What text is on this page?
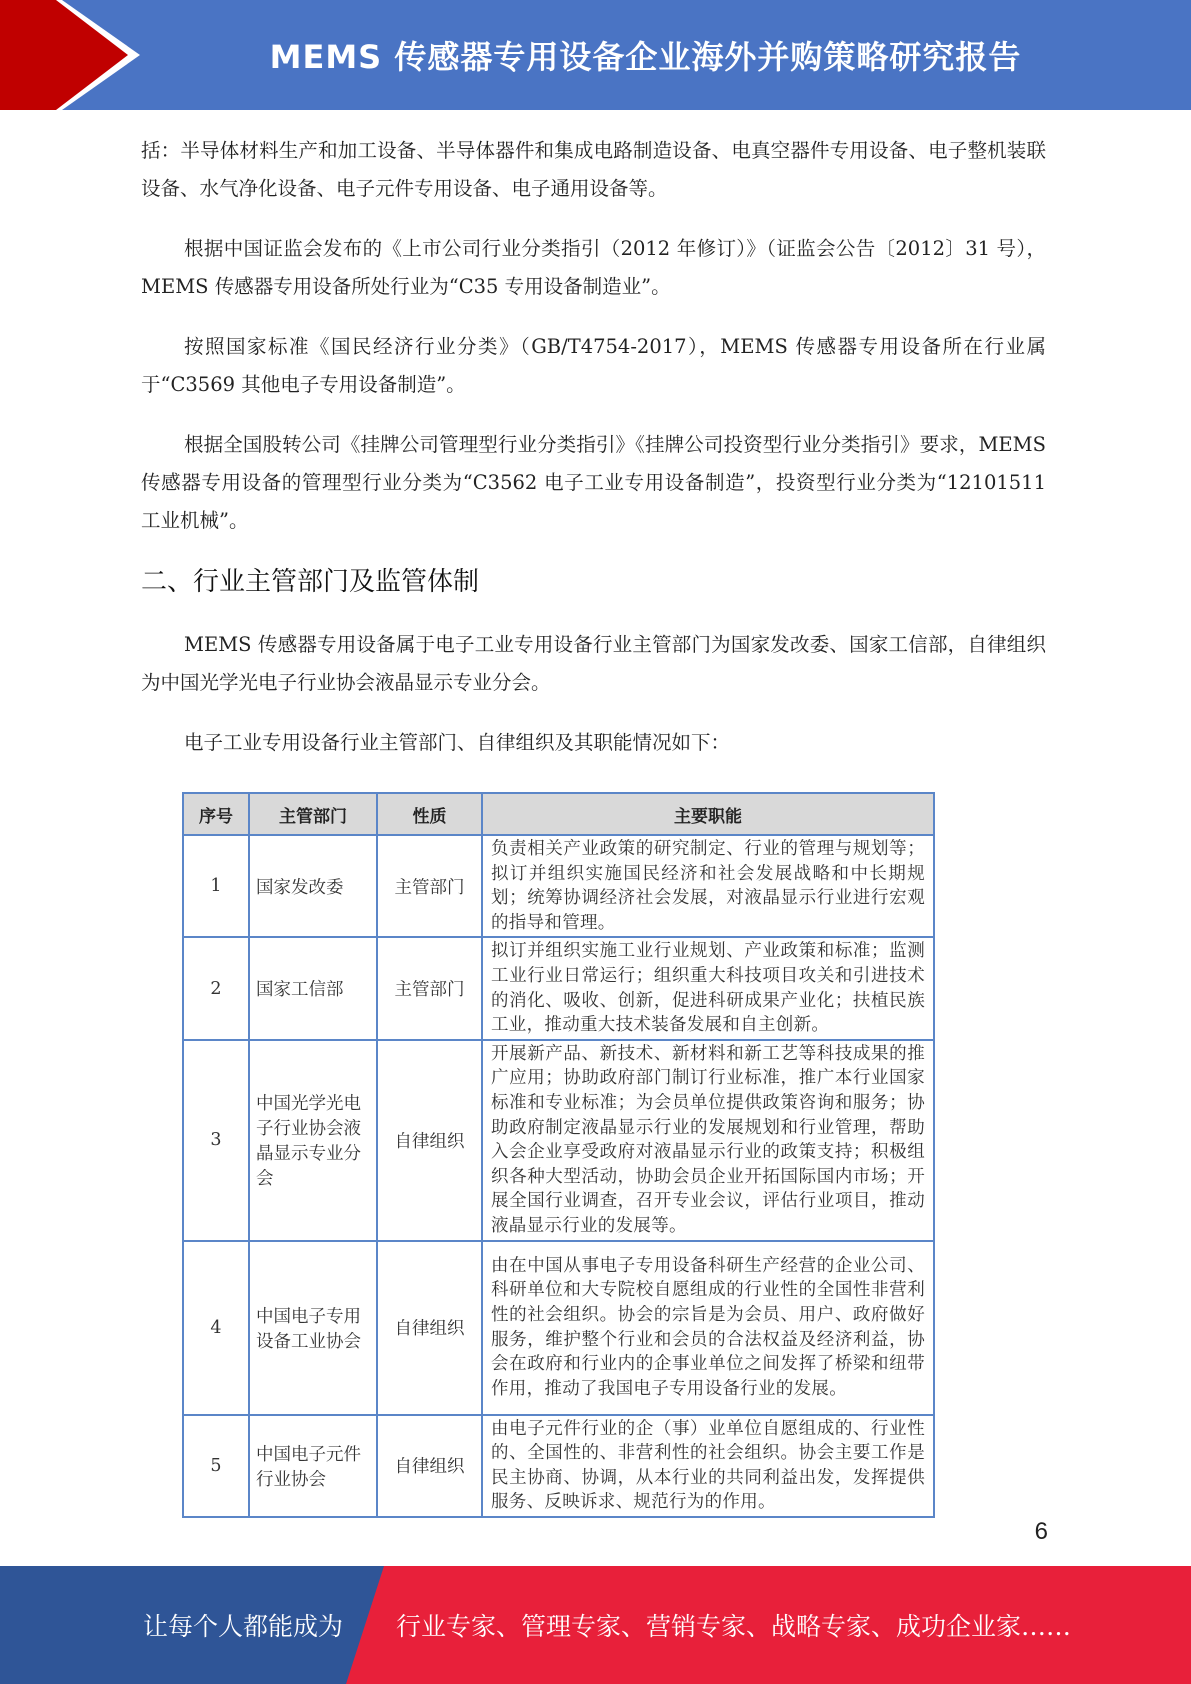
MEMS 传感器专用设备企业海外并购策略研究报告

括：半导体材料生产和加工设备、半导体器件和集成电路制造设备、电真空器件专用设备、电子整机装联设备、水气净化设备、电子元件专用设备、电子通用设备等。

根据中国证监会发布的《上市公司行业分类指引（2012 年修订）》（证监会公告〔2012〕31 号），MEMS 传感器专用设备所处行业为“C35 专用设备制造业”。

按照国家标准《国民经济行业分类》（GB/T4754-2017），MEMS 传感器专用设备所在行业属于“C3569 其他电子专用设备制造”。

根据全国股转公司《挂牌公司管理型行业分类指引》《挂牌公司投资型行业分类指引》要求，MEMS 传感器专用设备的管理型行业分类为“C3562 电子工业专用设备制造”，投资型行业分类为“12101511 工业机械”。

二、行业主管部门及监管体制

MEMS 传感器专用设备属于电子工业专用设备行业主管部门为国家发改委、国家工信部，自律组织为中国光学光电子行业协会液晶显示专业分会。

电子工业专用设备行业主管部门、自律组织及其职能情况如下：

序号	主管部门	性质	主要职能
1	国家发改委	主管部门	负责相关产业政策的研究制定、行业的管理与规划等；拟订并组织实施国民经济和社会发展战略和中长期规划；统筹协调经济社会发展，对液晶显示行业进行宏观的指导和管理。
2	国家工信部	主管部门	拟订并组织实施工业行业规划、产业政策和标准；监测工业行业日常运行；组织重大科技项目攻关和引进技术的消化、吸收、创新，促进科研成果产业化；扶植民族工业，推动重大技术装备发展和自主创新。
3	中国光学光电子行业协会液晶显示专业分会	自律组织	开展新产品、新技术、新材料和新工艺等科技成果的推广应用；协助政府部门制订行业标准，推广本行业国家标准和专业标准；为会员单位提供政策咨询和服务；协助政府制定液晶显示行业的发展规划和行业管理，帮助入会企业享受政府对液晶显示行业的政策支持；积极组织各种大型活动，协助会员企业开拓国际国内市场；开展全国行业调查，召开专业会议，评估行业项目，推动液晶显示行业的发展等。
4	中国电子专用设备工业协会	自律组织	由在中国从事电子专用设备科研生产经营的企业公司、科研单位和大专院校自愿组成的行业性的全国性非营利性的社会组织。协会的宗旨是为会员、用户、政府做好服务，维护整个行业和会员的合法权益及经济利益，协会在政府和行业内的企事业单位之间发挥了桥梁和纽带作用，推动了我国电子专用设备行业的发展。
5	中国电子元件行业协会	自律组织	由电子元件行业的企（事）业单位自愿组成的、行业性的、全国性的、非营利性的社会组织。协会主要工作是民主协商、协调，从本行业的共同利益出发，发挥提供服务、反映诉求、规范行为的作用。
6
让每个人都能成为 行业专家、管理专家、营销专家、战略专家、成功企业家……
